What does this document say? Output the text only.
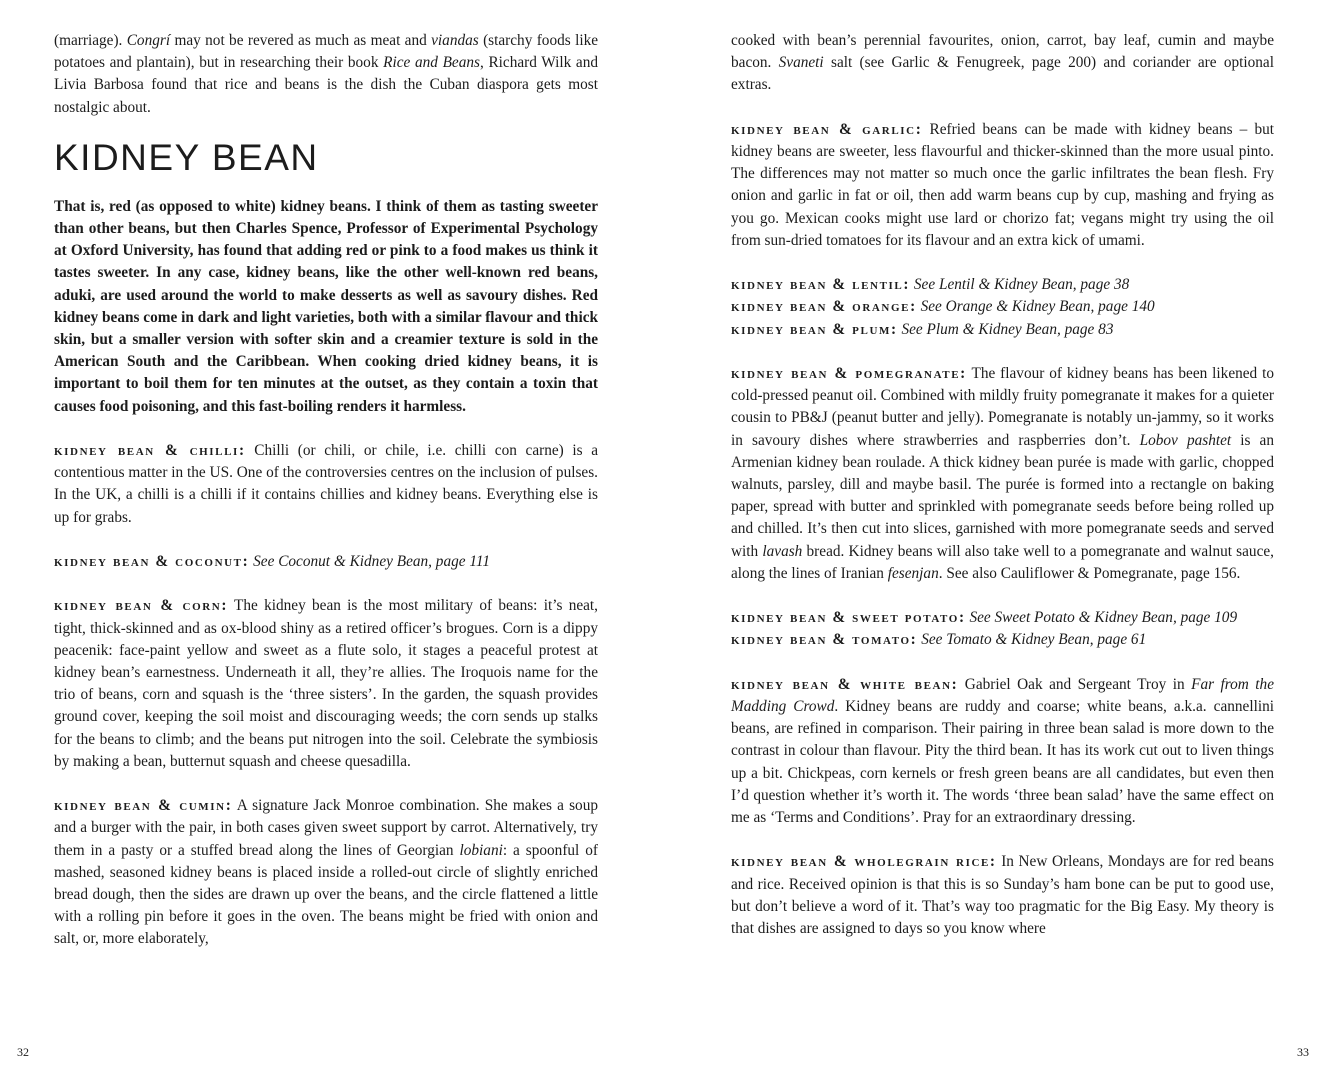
(marriage). Congrí may not be revered as much as meat and viandas (starchy foods like potatoes and plantain), but in researching their book Rice and Beans, Richard Wilk and Livia Barbosa found that rice and beans is the dish the Cuban diaspora gets most nostalgic about.

KIDNEY BEAN

That is, red (as opposed to white) kidney beans. I think of them as tasting sweeter than other beans, but then Charles Spence, Professor of Experimental Psychology at Oxford University, has found that adding red or pink to a food makes us think it tastes sweeter. In any case, kidney beans, like the other well-known red beans, aduki, are used around the world to make desserts as well as savoury dishes. Red kidney beans come in dark and light varieties, both with a similar flavour and thick skin, but a smaller version with softer skin and a creamier texture is sold in the American South and the Caribbean. When cooking dried kidney beans, it is important to boil them for ten minutes at the outset, as they contain a toxin that causes food poisoning, and this fast-boiling renders it harmless.

kidney bean & chilli: Chilli (or chili, or chile, i.e. chilli con carne) is a contentious matter in the US. One of the controversies centres on the inclusion of pulses. In the UK, a chilli is a chilli if it contains chillies and kidney beans. Everything else is up for grabs.

kidney bean & coconut: See Coconut & Kidney Bean, page 111

kidney bean & corn: The kidney bean is the most military of beans: it’s neat, tight, thick-skinned and as ox-blood shiny as a retired officer’s brogues. Corn is a dippy peacenik: face-paint yellow and sweet as a flute solo, it stages a peaceful protest at kidney bean’s earnestness. Underneath it all, they’re allies. The Iroquois name for the trio of beans, corn and squash is the ‘three sisters’. In the garden, the squash provides ground cover, keeping the soil moist and discouraging weeds; the corn sends up stalks for the beans to climb; and the beans put nitrogen into the soil. Celebrate the symbiosis by making a bean, butternut squash and cheese quesadilla.

kidney bean & cumin: A signature Jack Monroe combination. She makes a soup and a burger with the pair, in both cases given sweet support by carrot. Alternatively, try them in a pasty or a stuffed bread along the lines of Georgian lobiani: a spoonful of mashed, seasoned kidney beans is placed inside a rolled-out circle of slightly enriched bread dough, then the sides are drawn up over the beans, and the circle flattened a little with a rolling pin before it goes in the oven. The beans might be fried with onion and salt, or, more elaborately,

32

cooked with bean’s perennial favourites, onion, carrot, bay leaf, cumin and maybe bacon. Svaneti salt (see Garlic & Fenugreek, page 200) and coriander are optional extras.

kidney bean & garlic: Refried beans can be made with kidney beans – but kidney beans are sweeter, less flavourful and thicker-skinned than the more usual pinto. The differences may not matter so much once the garlic infiltrates the bean flesh. Fry onion and garlic in fat or oil, then add warm beans cup by cup, mashing and frying as you go. Mexican cooks might use lard or chorizo fat; vegans might try using the oil from sun-dried tomatoes for its flavour and an extra kick of umami.

kidney bean & lentil: See Lentil & Kidney Bean, page 38

kidney bean & orange: See Orange & Kidney Bean, page 140

kidney bean & plum: See Plum & Kidney Bean, page 83

kidney bean & pomegranate: The flavour of kidney beans has been likened to cold-pressed peanut oil. Combined with mildly fruity pomegranate it makes for a quieter cousin to PB&J (peanut butter and jelly). Pomegranate is notably un-jammy, so it works in savoury dishes where strawberries and raspberries don’t. Lobov pashtet is an Armenian kidney bean roulade. A thick kidney bean purée is made with garlic, chopped walnuts, parsley, dill and maybe basil. The purée is formed into a rectangle on baking paper, spread with butter and sprinkled with pomegranate seeds before being rolled up and chilled. It’s then cut into slices, garnished with more pomegranate seeds and served with lavash bread. Kidney beans will also take well to a pomegranate and walnut sauce, along the lines of Iranian fesenjan. See also Cauliflower & Pomegranate, page 156.

kidney bean & sweet potato: See Sweet Potato & Kidney Bean, page 109

kidney bean & tomato: See Tomato & Kidney Bean, page 61

kidney bean & white bean: Gabriel Oak and Sergeant Troy in Far from the Madding Crowd. Kidney beans are ruddy and coarse; white beans, a.k.a. cannellini beans, are refined in comparison. Their pairing in three bean salad is more down to the contrast in colour than flavour. Pity the third bean. It has its work cut out to liven things up a bit. Chickpeas, corn kernels or fresh green beans are all candidates, but even then I’d question whether it’s worth it. The words ‘three bean salad’ have the same effect on me as ‘Terms and Conditions’. Pray for an extraordinary dressing.

kidney bean & wholegrain rice: In New Orleans, Mondays are for red beans and rice. Received opinion is that this is so Sunday’s ham bone can be put to good use, but don’t believe a word of it. That’s way too pragmatic for the Big Easy. My theory is that dishes are assigned to days so you know where

33
